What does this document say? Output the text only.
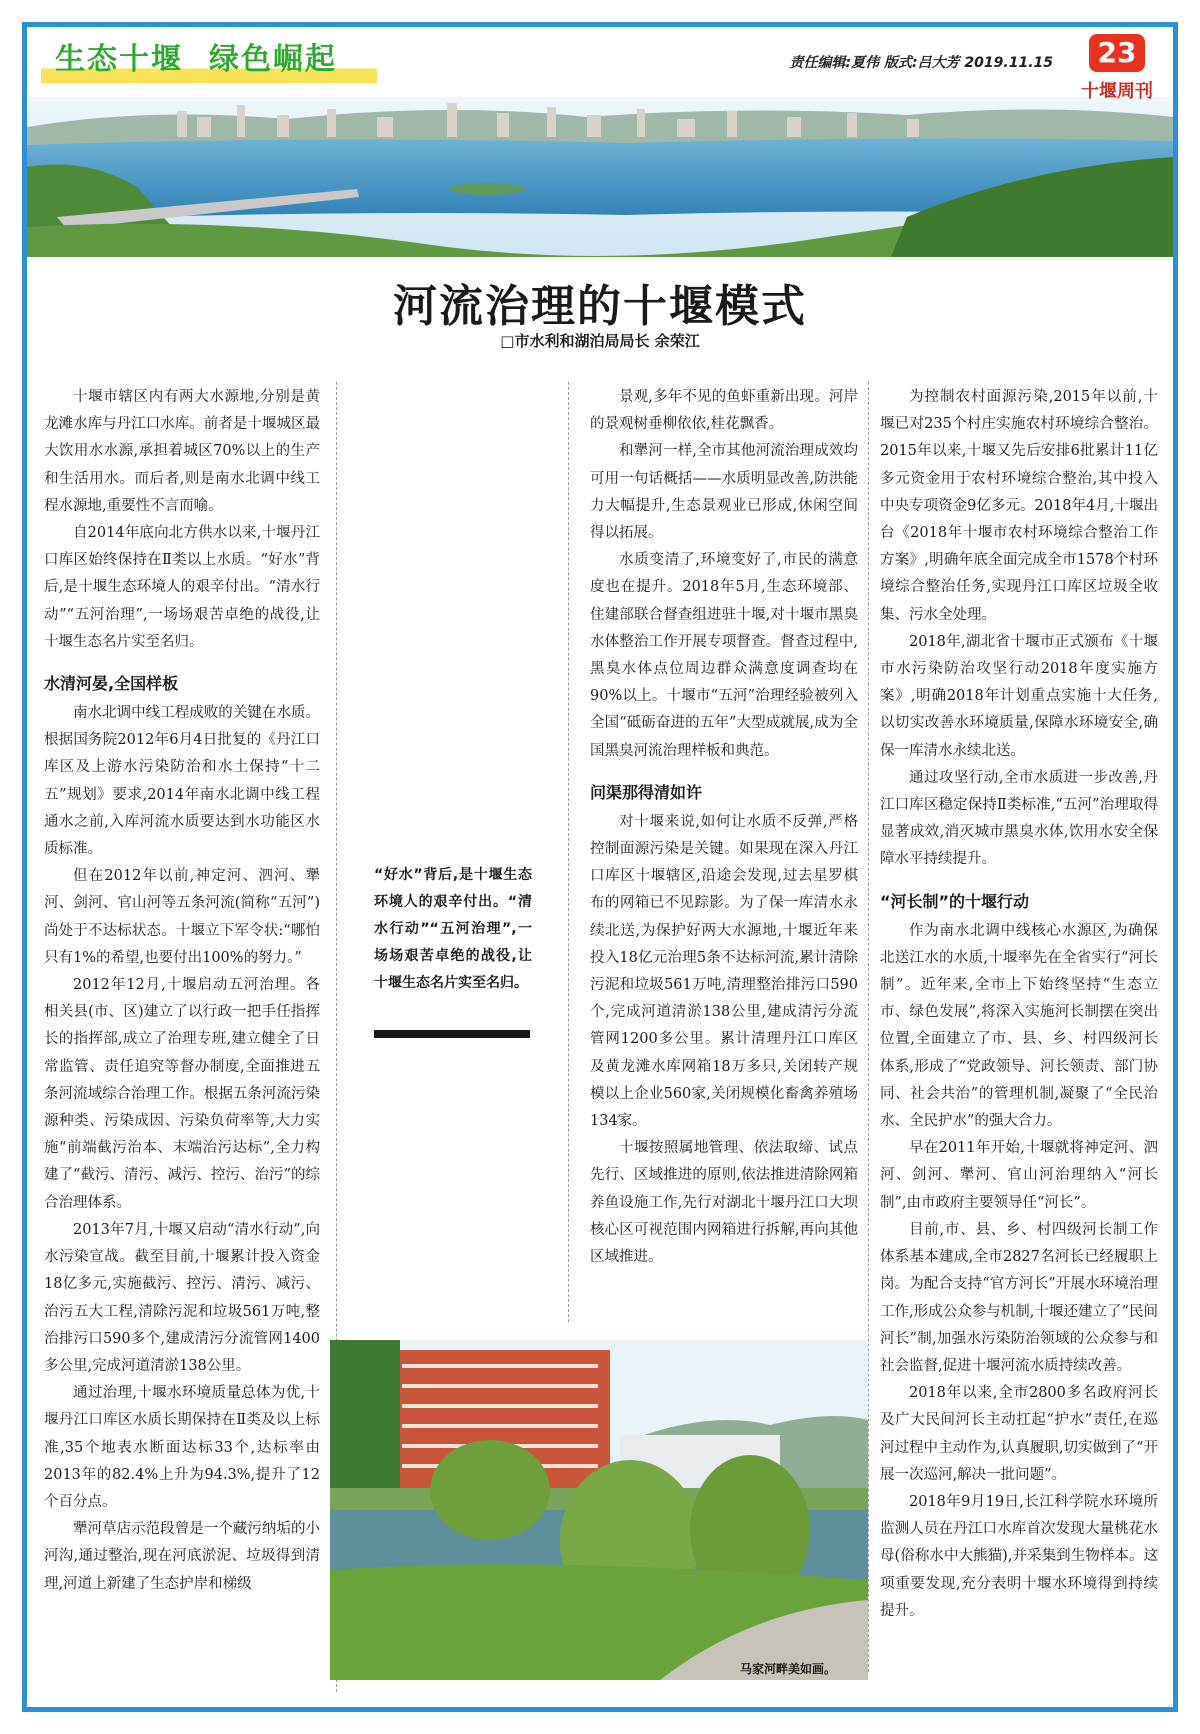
生态十堰 绿色崛起	责任编辑:夏伟 版式:吕大芳 2019.11.15	23
十堰周刊
河流治理的十堰模式
□市水利和湖泊局局长 余荣江

十堰市辖区内有两大水源地,分别是黄龙滩水库与丹江口水库。前者是十堰城区最大饮用水水源,承担着城区70%以上的生产和生活用水。而后者,则是南水北调中线工程水源地,重要性不言而喻。

自2014年底向北方供水以来,十堰丹江口库区始终保持在Ⅱ类以上水质。“好水”背后,是十堰生态环境人的艰辛付出。“清水行动”“五河治理”,一场场艰苦卓绝的战役,让十堰生态名片实至名归。

水清河晏,全国样板

南水北调中线工程成败的关键在水质。根据国务院2012年6月4日批复的《丹江口库区及上游水污染防治和水土保持“十二五”规划》要求,2014年南水北调中线工程通水之前,入库河流水质要达到水功能区水质标准。

但在2012年以前,神定河、泗河、犟河、剑河、官山河等五条河流(简称“五河”)尚处于不达标状态。十堰立下军令状:“哪怕只有1%的希望,也要付出100%的努力。”

2012年12月,十堰启动五河治理。各相关县(市、区)建立了以行政一把手任指挥长的指挥部,成立了治理专班,建立健全了日常监管、责任追究等督办制度,全面推进五条河流域综合治理工作。根据五条河流污染源种类、污染成因、污染负荷率等,大力实施“前端截污治本、末端治污达标”,全力构建了“截污、清污、减污、控污、治污”的综合治理体系。

2013年7月,十堰又启动“清水行动”,向水污染宣战。截至目前,十堰累计投入资金18亿多元,实施截污、控污、清污、减污、治污五大工程,清除污泥和垃圾561万吨,整治排污口590多个,建成清污分流管网1400多公里,完成河道清淤138公里。

通过治理,十堰水环境质量总体为优,十堰丹江口库区水质长期保持在Ⅱ类及以上标准,35个地表水断面达标33个,达标率由2013年的82.4%上升为94.3%,提升了12个百分点。

犟河草店示范段曾是一个藏污纳垢的小河沟,通过整治,现在河底淤泥、垃圾得到清理,河道上新建了生态护岸和梯级

“好水”背后,是十堰生态环境人的艰辛付出。“清水行动”“五河治理”,一场场艰苦卓绝的战役,让十堰生态名片实至名归。

景观,多年不见的鱼虾重新出现。河岸的景观树垂柳依依,桂花飘香。

和犟河一样,全市其他河流治理成效均可用一句话概括——水质明显改善,防洪能力大幅提升,生态景观业已形成,休闲空间得以拓展。

水质变清了,环境变好了,市民的满意度也在提升。2018年5月,生态环境部、住建部联合督查组进驻十堰,对十堰市黑臭水体整治工作开展专项督查。督查过程中,黑臭水体点位周边群众满意度调查均在90%以上。十堰市“五河”治理经验被列入全国“砥砺奋进的五年”大型成就展,成为全国黑臭河流治理样板和典范。

问渠那得清如许

对十堰来说,如何让水质不反弹,严格控制面源污染是关键。如果现在深入丹江口库区十堰辖区,沿途会发现,过去星罗棋布的网箱已不见踪影。为了保一库清水永续北送,为保护好两大水源地,十堰近年来投入18亿元治理5条不达标河流,累计清除污泥和垃圾561万吨,清理整治排污口590个,完成河道清淤138公里,建成清污分流管网1200多公里。累计清理丹江口库区及黄龙滩水库网箱18万多只,关闭转产规模以上企业560家,关闭规模化畜禽养殖场134家。

十堰按照属地管理、依法取缔、试点先行、区域推进的原则,依法推进清除网箱养鱼设施工作,先行对湖北十堰丹江口大坝核心区可视范围内网箱进行拆解,再向其他区域推进。

为控制农村面源污染,2015年以前,十堰已对235个村庄实施农村环境综合整治。2015年以来,十堰又先后安排6批累计11亿多元资金用于农村环境综合整治,其中投入中央专项资金9亿多元。2018年4月,十堰出台《2018年十堰市农村环境综合整治工作方案》,明确年底全面完成全市1578个村环境综合整治任务,实现丹江口库区垃圾全收集、污水全处理。

2018年,湖北省十堰市正式颁布《十堰市水污染防治攻坚行动2018年度实施方案》,明确2018年计划重点实施十大任务,以切实改善水环境质量,保障水环境安全,确保一库清水永续北送。

通过攻坚行动,全市水质进一步改善,丹江口库区稳定保持Ⅱ类标准,“五河”治理取得显著成效,消灭城市黑臭水体,饮用水安全保障水平持续提升。

“河长制”的十堰行动

作为南水北调中线核心水源区,为确保北送江水的水质,十堰率先在全省实行“河长制”。近年来,全市上下始终坚持“生态立市、绿色发展”,将深入实施河长制摆在突出位置,全面建立了市、县、乡、村四级河长体系,形成了“党政领导、河长领责、部门协同、社会共治”的管理机制,凝聚了“全民治水、全民护水”的强大合力。

早在2011年开始,十堰就将神定河、泗河、剑河、犟河、官山河治理纳入“河长制”,由市政府主要领导任“河长”。

目前,市、县、乡、村四级河长制工作体系基本建成,全市2827名河长已经履职上岗。为配合支持“官方河长”开展水环境治理工作,形成公众参与机制,十堰还建立了“民间河长”制,加强水污染防治领域的公众参与和社会监督,促进十堰河流水质持续改善。

2018年以来,全市2800多名政府河长及广大民间河长主动扛起“护水”责任,在巡河过程中主动作为,认真履职,切实做到了“开展一次巡河,解决一批问题”。

2018年9月19日,长江科学院水环境所监测人员在丹江口水库首次发现大量桃花水母(俗称水中大熊猫),并采集到生物样本。这项重要发现,充分表明十堰水环境得到持续提升。

马家河畔美如画。
